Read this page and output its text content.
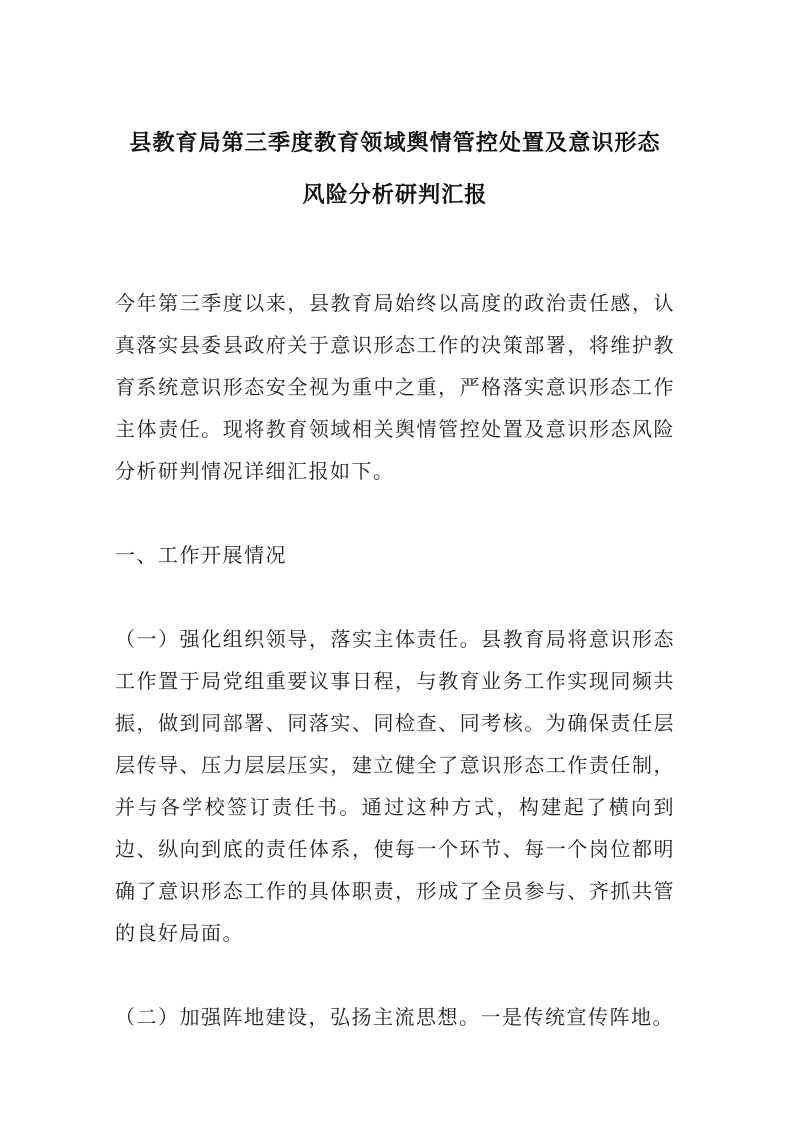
县教育局第三季度教育领域舆情管控处置及意识形态风险分析研判汇报

今年第三季度以来，县教育局始终以高度的政治责任感，认真落实县委县政府关于意识形态工作的决策部署，将维护教育系统意识形态安全视为重中之重，严格落实意识形态工作主体责任。现将教育领域相关舆情管控处置及意识形态风险分析研判情况详细汇报如下。

一、工作开展情况

（一）强化组织领导，落实主体责任。县教育局将意识形态工作置于局党组重要议事日程，与教育业务工作实现同频共振，做到同部署、同落实、同检查、同考核。为确保责任层层传导、压力层层压实，建立健全了意识形态工作责任制，并与各学校签订责任书。通过这种方式，构建起了横向到边、纵向到底的责任体系，使每一个环节、每一个岗位都明确了意识形态工作的具体职责，形成了全员参与、齐抓共管的良好局面。

（二）加强阵地建设，弘扬主流思想。一是传统宣传阵地。
